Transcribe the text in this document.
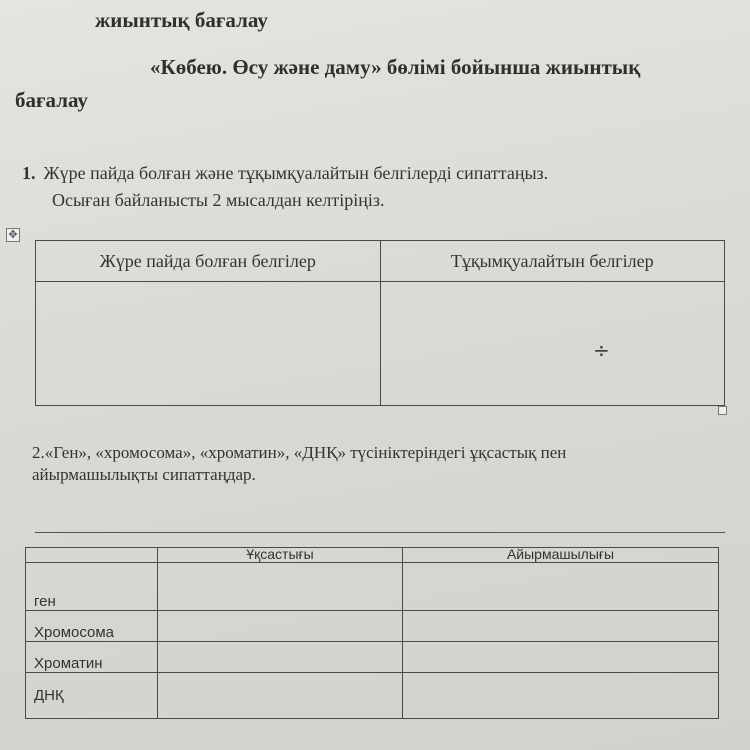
жиынтық бағалау
«Көбею. Өсу және даму» бөлімі бойынша жиынтық
бағалау
1. Жүре пайда болған және тұқымқуалайтын белгілерді сипаттаңыз.
Осыған байланысты 2 мысалдан келтіріңіз.
✥
Жүре пайда болған белгілер	Тұқымқуалайтын белгілер

÷
2.«Ген», «хромосома», «хроматин», «ДНҚ» түсініктеріндегі ұқсастық пен
айырмашылықты сипаттаңдар.
	Ұқсастығы	Айырмашылығы
ген		
Хромосома		
Хроматин		
ДНҚ		
